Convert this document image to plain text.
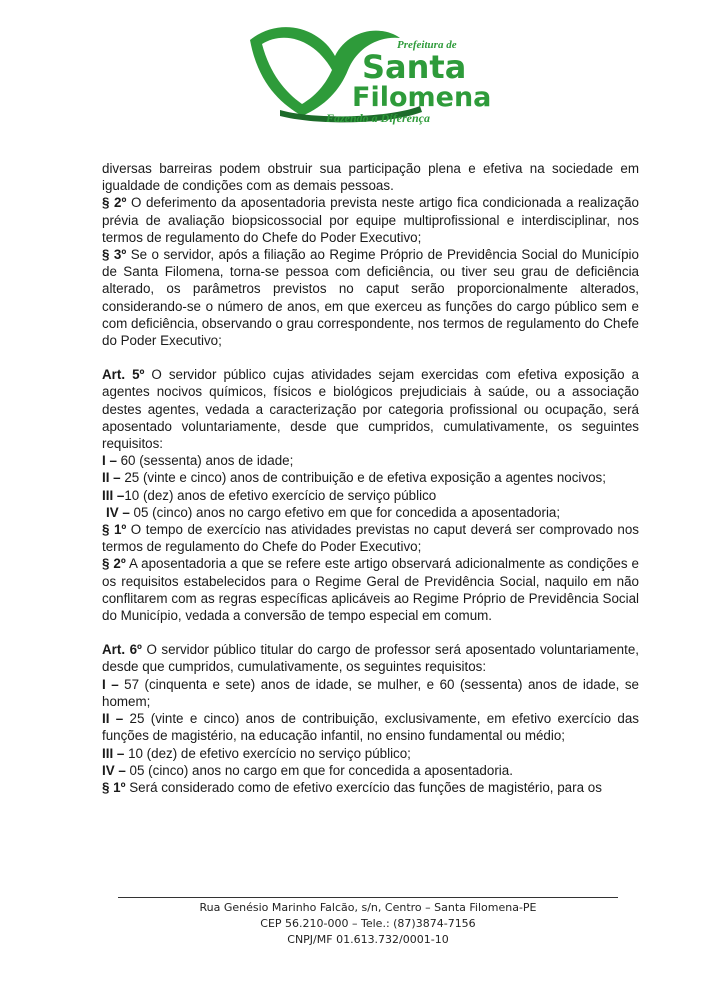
Prefeitura de
Santa
Filomena
Fazendo a Diferença

diversas barreiras podem obstruir sua participação plena e efetiva na sociedade em igualdade de condições com as demais pessoas.

§ 2º O deferimento da aposentadoria prevista neste artigo fica condicionada a realização prévia de avaliação biopsicossocial por equipe multiprofissional e interdisciplinar, nos termos de regulamento do Chefe do Poder Executivo;

§ 3º Se o servidor, após a filiação ao Regime Próprio de Previdência Social do Município de Santa Filomena, torna-se pessoa com deficiência, ou tiver seu grau de deficiência alterado, os parâmetros previstos no caput serão proporcionalmente alterados, considerando-se o número de anos, em que exerceu as funções do cargo público sem e com deficiência, observando o grau correspondente, nos termos de regulamento do Chefe do Poder Executivo;

Art. 5º O servidor público cujas atividades sejam exercidas com efetiva exposição a agentes nocivos químicos, físicos e biológicos prejudiciais à saúde, ou a associação destes agentes, vedada a caracterização por categoria profissional ou ocupação, será aposentado voluntariamente, desde que cumpridos, cumulativamente, os seguintes requisitos:

I – 60 (sessenta) anos de idade;

II – 25 (vinte e cinco) anos de contribuição e de efetiva exposição a agentes nocivos;

III –10 (dez) anos de efetivo exercício de serviço público

IV – 05 (cinco) anos no cargo efetivo em que for concedida a aposentadoria;

§ 1º O tempo de exercício nas atividades previstas no caput deverá ser comprovado nos termos de regulamento do Chefe do Poder Executivo;

§ 2º A aposentadoria a que se refere este artigo observará adicionalmente as condições e os requisitos estabelecidos para o Regime Geral de Previdência Social, naquilo em não conflitarem com as regras específicas aplicáveis ao Regime Próprio de Previdência Social do Município, vedada a conversão de tempo especial em comum.

Art. 6º O servidor público titular do cargo de professor será aposentado voluntariamente, desde que cumpridos, cumulativamente, os seguintes requisitos:

I – 57 (cinquenta e sete) anos de idade, se mulher, e 60 (sessenta) anos de idade, se homem;

II – 25 (vinte e cinco) anos de contribuição, exclusivamente, em efetivo exercício das funções de magistério, na educação infantil, no ensino fundamental ou médio;

III – 10 (dez) de efetivo exercício no serviço público;

IV – 05 (cinco) anos no cargo em que for concedida a aposentadoria.

§ 1º Será considerado como de efetivo exercício das funções de magistério, para os

Rua Genésio Marinho Falcão, s/n, Centro – Santa Filomena-PE
CEP 56.210-000 – Tele.: (87)3874-7156
CNPJ/MF 01.613.732/0001-10
